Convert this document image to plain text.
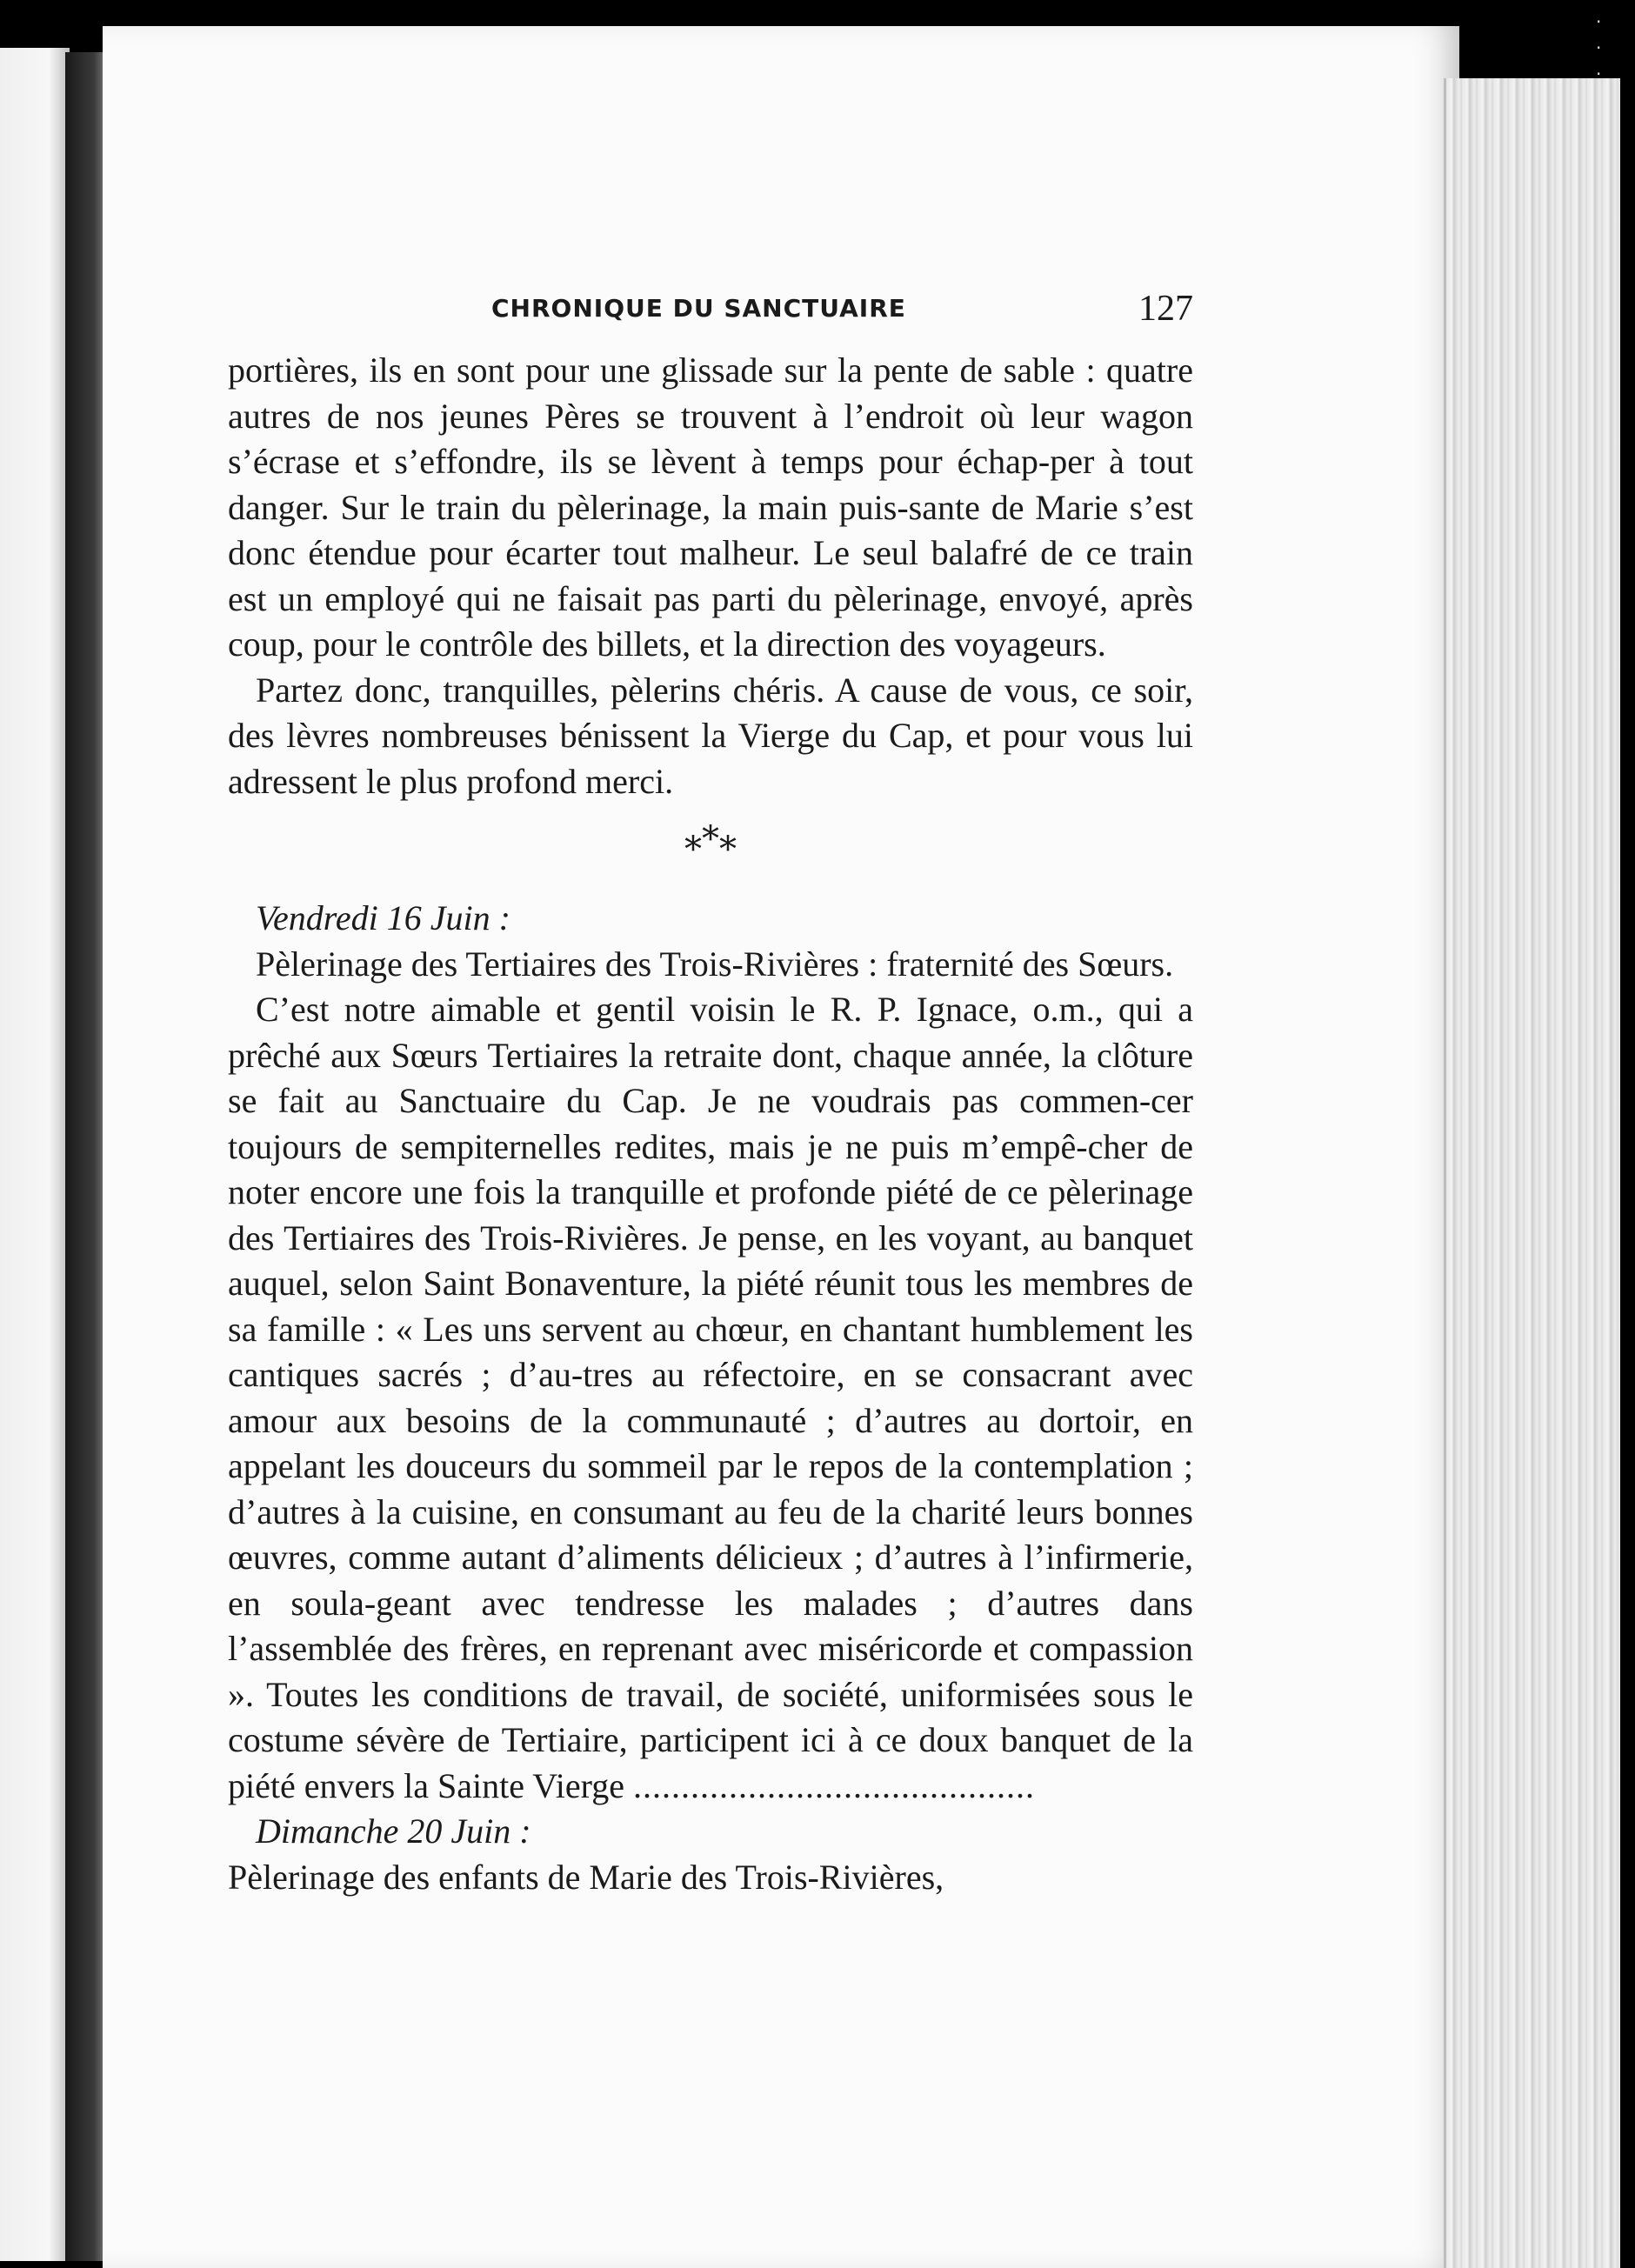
·
·
·
CHRONIQUE DU SANCTUAIRE	127

portières, ils en sont pour une glissade sur la pente de sable : quatre autres de nos jeunes Pères se trouvent à l’endroit où leur wagon s’écrase et s’effondre, ils se lèvent à temps pour échap-per à tout danger. Sur le train du pèlerinage, la main puis-sante de Marie s’est donc étendue pour écarter tout malheur. Le seul balafré de ce train est un employé qui ne faisait pas parti du pèlerinage, envoyé, après coup, pour le contrôle des billets, et la direction des voyageurs.

Partez donc, tranquilles, pèlerins chéris. A cause de vous, ce soir, des lèvres nombreuses bénissent la Vierge du Cap, et pour vous lui adressent le plus profond merci.

***

Vendredi 16 Juin :

Pèlerinage des Tertiaires des Trois-Rivières : fraternité des Sœurs.

C’est notre aimable et gentil voisin le R. P. Ignace, o.m., qui a prêché aux Sœurs Tertiaires la retraite dont, chaque année, la clôture se fait au Sanctuaire du Cap. Je ne voudrais pas commen-cer toujours de sempiternelles redites, mais je ne puis m’empê-cher de noter encore une fois la tranquille et profonde piété de ce pèlerinage des Tertiaires des Trois-Rivières. Je pense, en les voyant, au banquet auquel, selon Saint Bonaventure, la piété réunit tous les membres de sa famille : « Les uns servent au chœur, en chantant humblement les cantiques sacrés ; d’au-tres au réfectoire, en se consacrant avec amour aux besoins de la communauté ; d’autres au dortoir, en appelant les douceurs du sommeil par le repos de la contemplation ; d’autres à la cuisine, en consumant au feu de la charité leurs bonnes œuvres, comme autant d’aliments délicieux ; d’autres à l’infirmerie, en soula-geant avec tendresse les malades ; d’autres dans l’assemblée des frères, en reprenant avec miséricorde et compassion ». Toutes les conditions de travail, de société, uniformisées sous le costume sévère de Tertiaire, participent ici à ce doux banquet de la piété envers la Sainte Vierge ..........................................

Dimanche 20 Juin :

Pèlerinage des enfants de Marie des Trois-Rivières,
